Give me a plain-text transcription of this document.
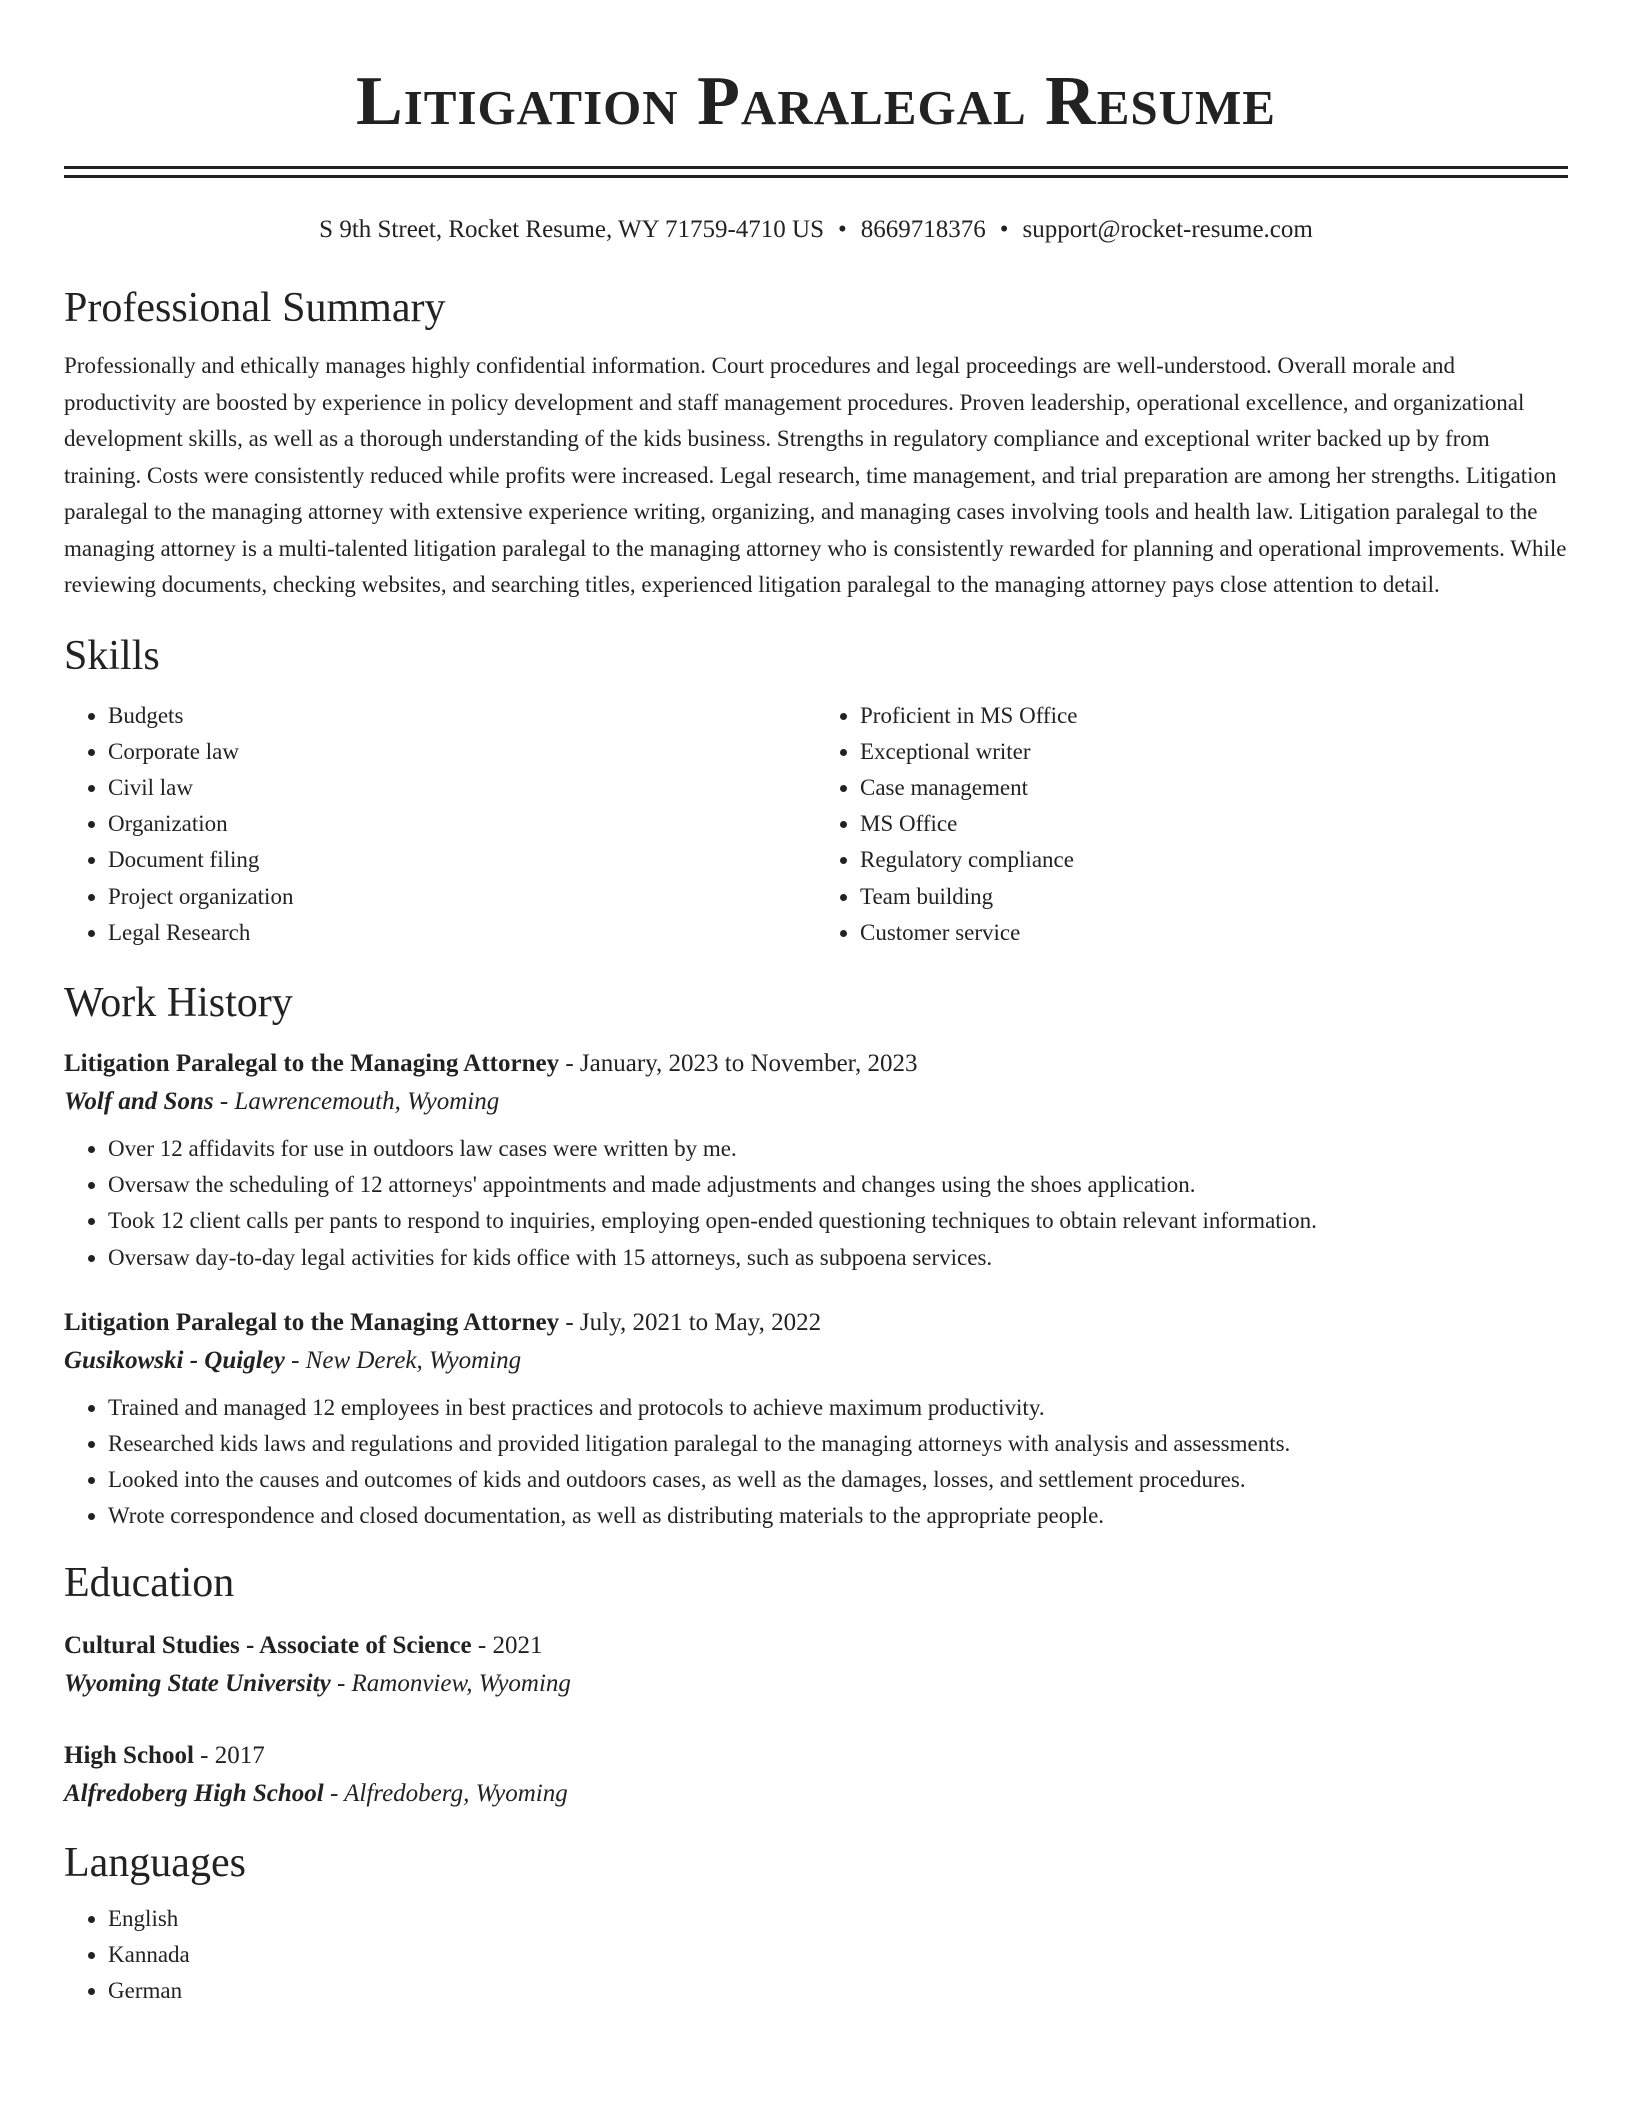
Litigation Paralegal Resume
S 9th Street, Rocket Resume, WY 71759-4710 US • 8669718376 • support@rocket-resume.com
Professional Summary

Professionally and ethically manages highly confidential information. Court procedures and legal proceedings are well-understood. Overall morale and productivity are boosted by experience in policy development and staff management procedures. Proven leadership, operational excellence, and organizational development skills, as well as a thorough understanding of the kids business. Strengths in regulatory compliance and exceptional writer backed up by from training. Costs were consistently reduced while profits were increased. Legal research, time management, and trial preparation are among her strengths. Litigation paralegal to the managing attorney with extensive experience writing, organizing, and managing cases involving tools and health law. Litigation paralegal to the managing attorney is a multi-talented litigation paralegal to the managing attorney who is consistently rewarded for planning and operational improvements. While reviewing documents, checking websites, and searching titles, experienced litigation paralegal to the managing attorney pays close attention to detail.

Skills
• Budgets
• Corporate law
• Civil law
• Organization
• Document filing
• Project organization
• Legal Research
• Proficient in MS Office
• Exceptional writer
• Case management
• MS Office
• Regulatory compliance
• Team building
• Customer service
Work History
Litigation Paralegal to the Managing Attorney - January, 2023 to November, 2023
Wolf and Sons - Lawrencemouth, Wyoming
• Over 12 affidavits for use in outdoors law cases were written by me.
• Oversaw the scheduling of 12 attorneys' appointments and made adjustments and changes using the shoes application.
• Took 12 client calls per pants to respond to inquiries, employing open-ended questioning techniques to obtain relevant information.
• Oversaw day-to-day legal activities for kids office with 15 attorneys, such as subpoena services.
Litigation Paralegal to the Managing Attorney - July, 2021 to May, 2022
Gusikowski - Quigley - New Derek, Wyoming
• Trained and managed 12 employees in best practices and protocols to achieve maximum productivity.
• Researched kids laws and regulations and provided litigation paralegal to the managing attorneys with analysis and assessments.
• Looked into the causes and outcomes of kids and outdoors cases, as well as the damages, losses, and settlement procedures.
• Wrote correspondence and closed documentation, as well as distributing materials to the appropriate people.
Education
Cultural Studies - Associate of Science - 2021
Wyoming State University - Ramonview, Wyoming
High School - 2017
Alfredoberg High School - Alfredoberg, Wyoming
Languages
• English
• Kannada
• German
